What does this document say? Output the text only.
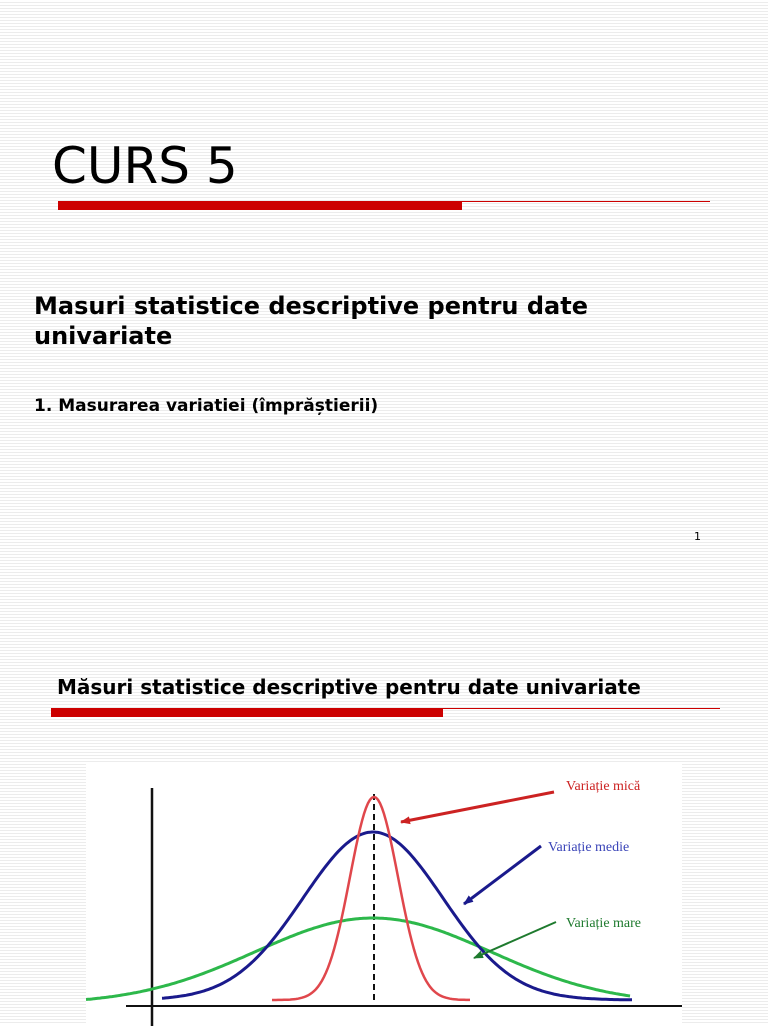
CURS 5
Masuri statistice descriptive pentru date univariate

1. Masurarea variatiei (împrăștierii)

1
Măsuri statistice descriptive pentru date univariate
Variație mică
Variație medie
Variație mare
